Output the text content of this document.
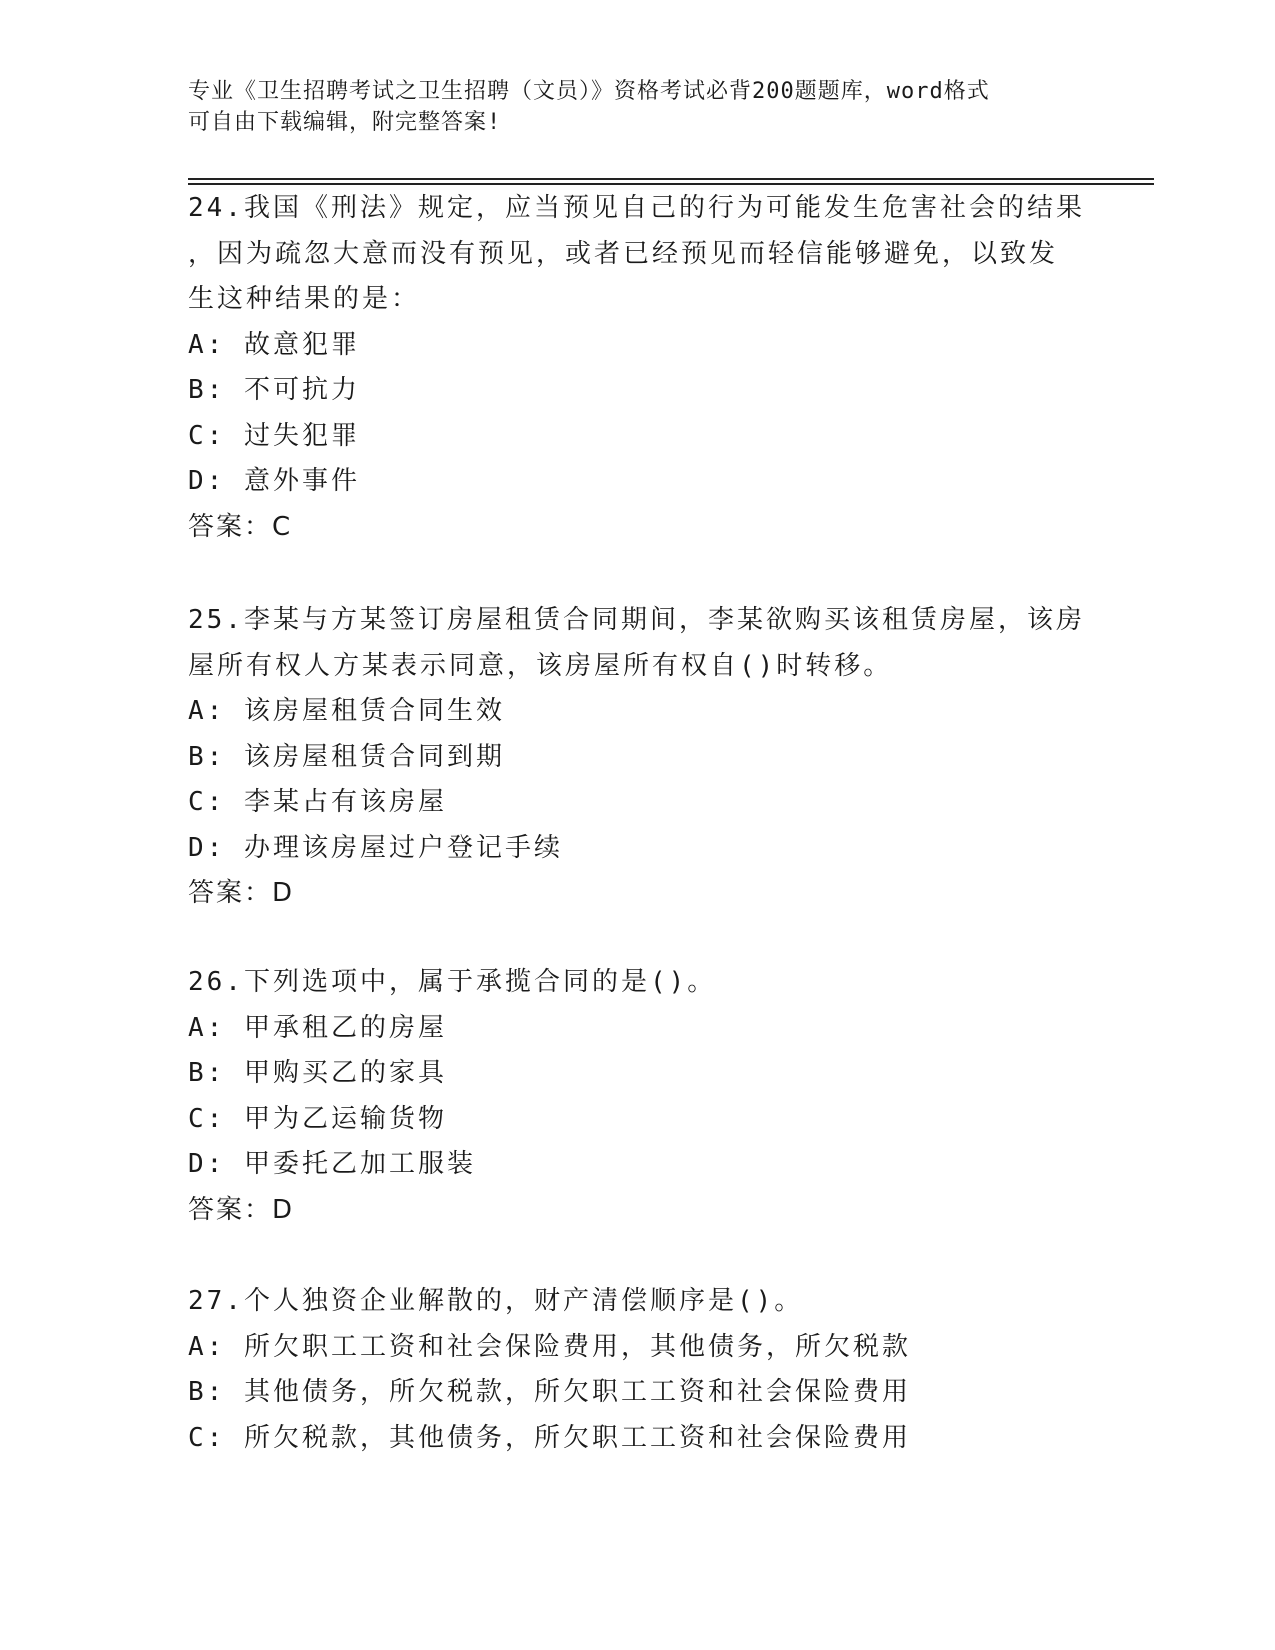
专业《卫生招聘考试之卫生招聘（文员）》资格考试必背200题题库，word格式
可自由下载编辑，附完整答案!

24.我国《刑法》规定，应当预见自己的行为可能发生危害社会的结果

，因为疏忽大意而没有预见，或者已经预见而轻信能够避免，以致发

生这种结果的是：

A: 故意犯罪

B: 不可抗力

C: 过失犯罪

D: 意外事件

答案：C

25.李某与方某签订房屋租赁合同期间，李某欲购买该租赁房屋，该房

屋所有权人方某表示同意，该房屋所有权自()时转移。

A: 该房屋租赁合同生效

B: 该房屋租赁合同到期

C: 李某占有该房屋

D: 办理该房屋过户登记手续

答案：D

26.下列选项中，属于承揽合同的是()。

A: 甲承租乙的房屋

B: 甲购买乙的家具

C: 甲为乙运输货物

D: 甲委托乙加工服装

答案：D

27.个人独资企业解散的，财产清偿顺序是()。

A: 所欠职工工资和社会保险费用，其他债务，所欠税款

B: 其他债务，所欠税款，所欠职工工资和社会保险费用

C: 所欠税款，其他债务，所欠职工工资和社会保险费用
